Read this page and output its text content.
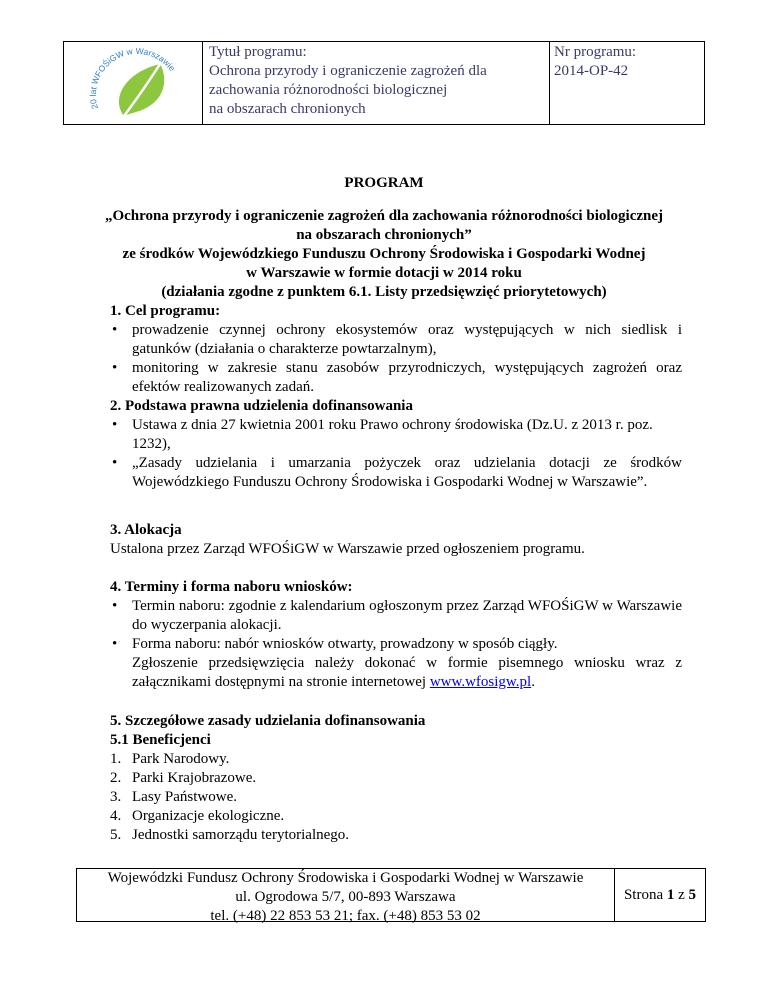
20 lat WFOŚiGW w Warszawie
Tytuł programu:
Ochrona przyrody i ograniczenie zagrożeń dla
zachowania różnorodności biologicznej
na obszarach chronionych
Nr programu:
2014-OP-42
PROGRAM
„Ochrona przyrody i ograniczenie zagrożeń dla zachowania różnorodności biologicznej
na obszarach chronionych”
ze środków Wojewódzkiego Funduszu Ochrony Środowiska i Gospodarki Wodnej
w Warszawie w formie dotacji w 2014 roku
(działania zgodne z punktem 6.1. Listy przedsięwzięć priorytetowych)
1. Cel programu:
• prowadzenie czynnej ochrony ekosystemów oraz występujących w nich siedlisk i gatunków (działania o charakterze powtarzalnym),
• monitoring w zakresie stanu zasobów przyrodniczych, występujących zagrożeń oraz efektów realizowanych zadań.
2. Podstawa prawna udzielenia dofinansowania
• Ustawa z dnia 27 kwietnia 2001 roku Prawo ochrony środowiska (Dz.U. z 2013 r. poz. 1232),
• „Zasady udzielania i umarzania pożyczek oraz udzielania dotacji ze środków Wojewódzkiego Funduszu Ochrony Środowiska i Gospodarki Wodnej w Warszawie”.
3. Alokacja
Ustalona przez Zarząd WFOŚiGW w Warszawie przed ogłoszeniem programu.
4. Terminy i forma naboru wniosków:
• Termin naboru: zgodnie z kalendarium ogłoszonym przez Zarząd WFOŚiGW w Warszawie do wyczerpania alokacji.
• Forma naboru: nabór wniosków otwarty, prowadzony w sposób ciągły.
Zgłoszenie przedsięwzięcia należy dokonać w formie pisemnego wniosku wraz z załącznikami dostępnymi na stronie internetowej www.wfosigw.pl.
5. Szczegółowe zasady udzielania dofinansowania
5.1 Beneficjenci
1. Park Narodowy.
2. Parki Krajobrazowe.
3. Lasy Państwowe.
4. Organizacje ekologiczne.
5. Jednostki samorządu terytorialnego.
Wojewódzki Fundusz Ochrony Środowiska i Gospodarki Wodnej w Warszawie
ul. Ogrodowa 5/7, 00-893 Warszawa
tel. (+48) 22 853 53 21; fax. (+48) 853 53 02
Strona
1
z
5
